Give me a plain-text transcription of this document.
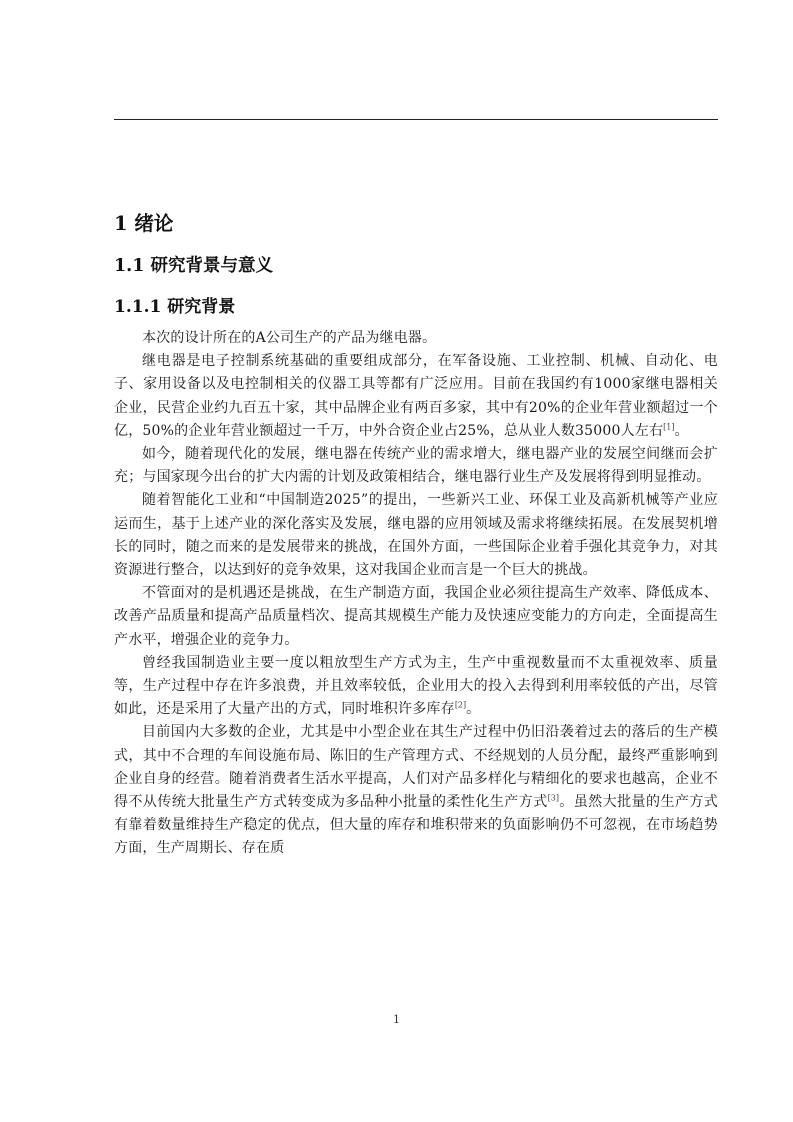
1 绪论
1.1 研究背景与意义
1.1.1 研究背景

本次的设计所在的A公司生产的产品为继电器。

继电器是电子控制系统基础的重要组成部分，在军备设施、工业控制、机械、自动化、电子、家用设备以及电控制相关的仪器工具等都有广泛应用。目前在我国约有1000家继电器相关企业，民营企业约九百五十家，其中品牌企业有两百多家，其中有20%的企业年营业额超过一个亿，50%的企业年营业额超过一千万，中外合资企业占25%，总从业人数35000人左右[1]。

如今，随着现代化的发展，继电器在传统产业的需求增大，继电器产业的发展空间继而会扩充；与国家现今出台的扩大内需的计划及政策相结合，继电器行业生产及发展将得到明显推动。

随着智能化工业和“中国制造2025”的提出，一些新兴工业、环保工业及高新机械等产业应运而生，基于上述产业的深化落实及发展，继电器的应用领域及需求将继续拓展。在发展契机增长的同时，随之而来的是发展带来的挑战，在国外方面，一些国际企业着手强化其竞争力，对其资源进行整合，以达到好的竞争效果，这对我国企业而言是一个巨大的挑战。

不管面对的是机遇还是挑战，在生产制造方面，我国企业必须往提高生产效率、降低成本、改善产品质量和提高产品质量档次、提高其规模生产能力及快速应变能力的方向走，全面提高生产水平，增强企业的竞争力。

曾经我国制造业主要一度以粗放型生产方式为主，生产中重视数量而不太重视效率、质量等，生产过程中存在许多浪费，并且效率较低，企业用大的投入去得到利用率较低的产出，尽管如此，还是采用了大量产出的方式，同时堆积许多库存[2]。

目前国内大多数的企业，尤其是中小型企业在其生产过程中仍旧沿袭着过去的落后的生产模式，其中不合理的车间设施布局、陈旧的生产管理方式、不经规划的人员分配，最终严重影响到企业自身的经营。随着消费者生活水平提高，人们对产品多样化与精细化的要求也越高，企业不得不从传统大批量生产方式转变成为多品种小批量的柔性化生产方式[3]。虽然大批量的生产方式有靠着数量维持生产稳定的优点，但大量的库存和堆积带来的负面影响仍不可忽视，在市场趋势方面，生产周期长、存在质

1
